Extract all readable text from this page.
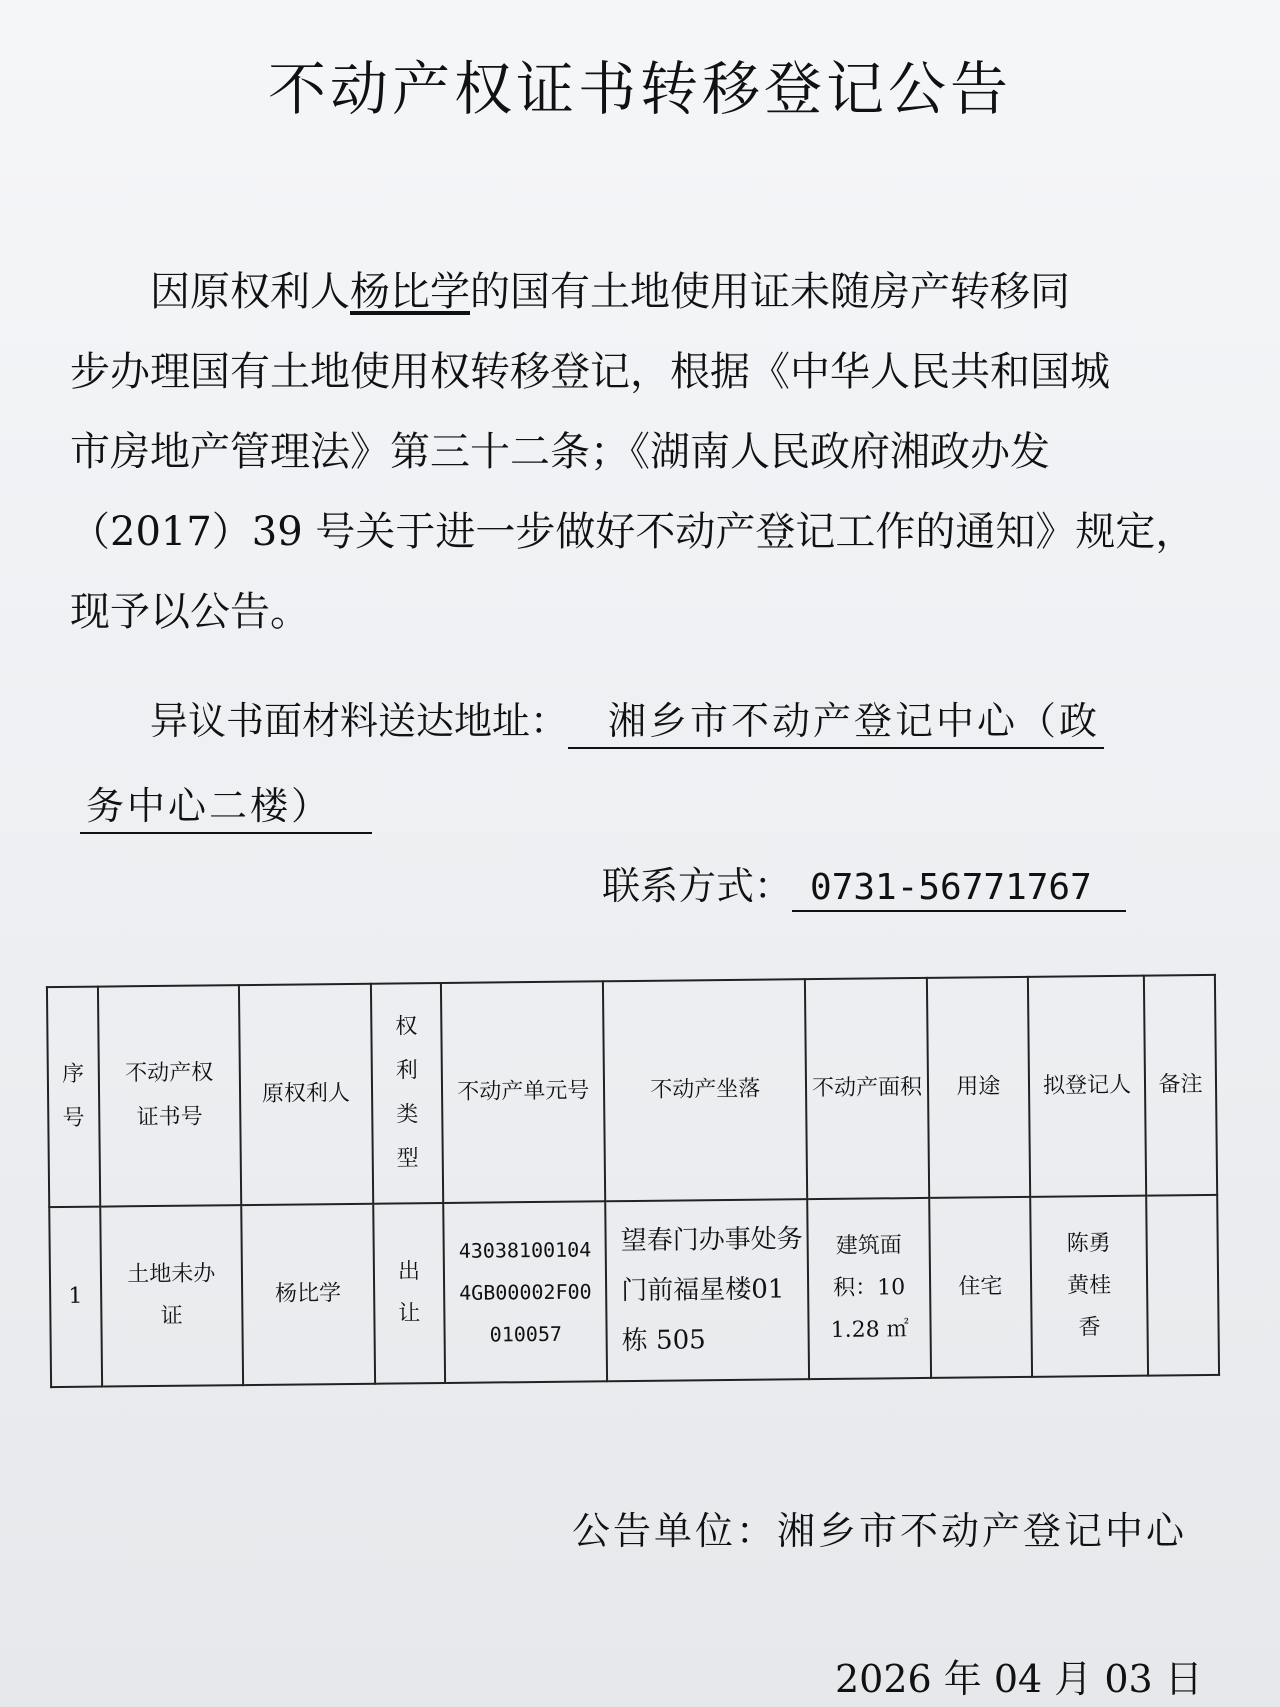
不动产权证书转移登记公告
因原权利人杨比学的国有土地使用证未随房产转移同
步办理国有土地使用权转移登记，根据《中华人民共和国城
市房地产管理法》第三十二条；《湖南人民政府湘政办发
（2017）39 号关于进一步做好不动产登记工作的通知》规定，
现予以公告。
异议书面材料送达地址： 湘乡市不动产登记中心（政
务中心二楼）
联系方式： 0731-56771767
序号	不动产权证书号	原权利人	权利类型	不动产单元号	不动产坐落	不动产面积	用途	拟登记人	备注
1	土地未办证	杨比学	出让	430381001044GB00002F00010057	望春门办事处务门前福星楼01 栋 505	建筑面积：101.28 ㎡	住宅	陈勇 黄桂香	
公告单位：湘乡市不动产登记中心
2026 年 04 月 03 日
